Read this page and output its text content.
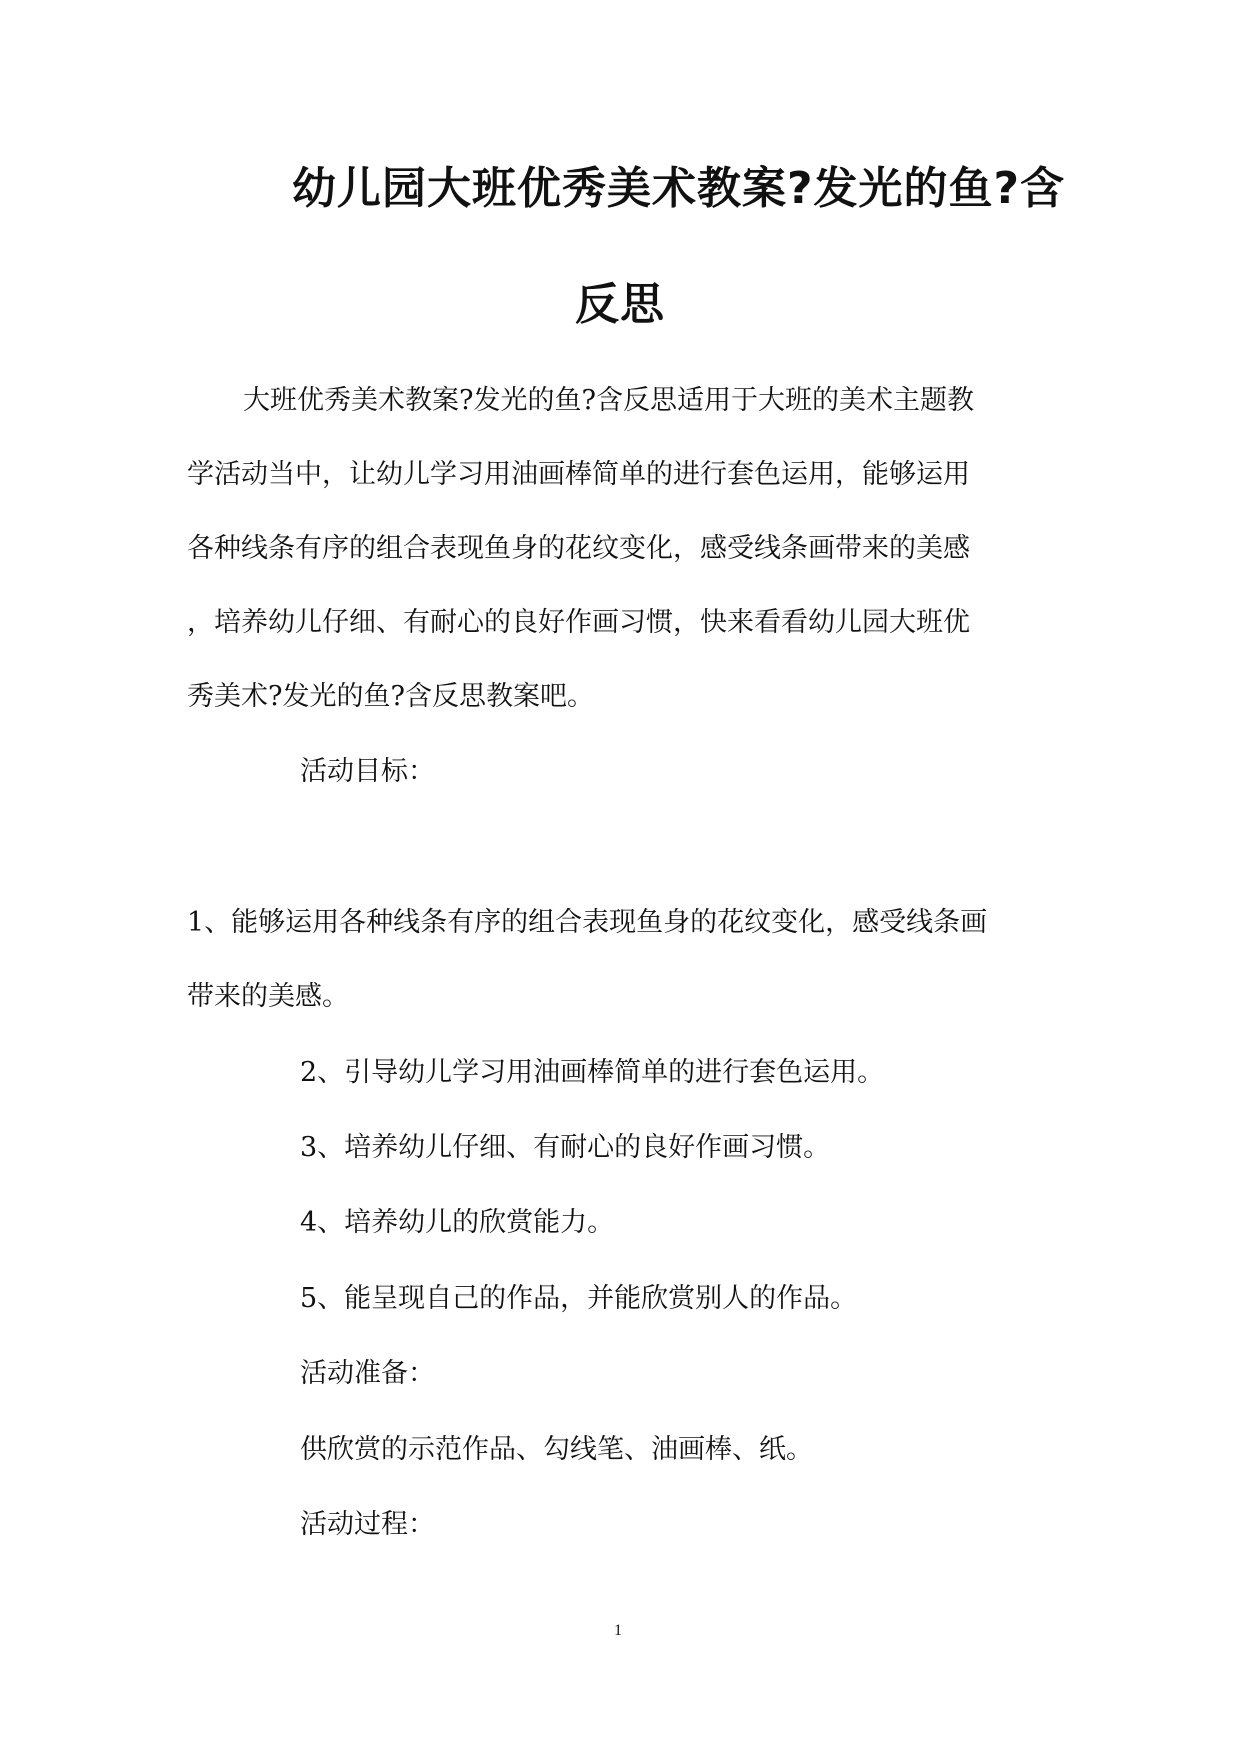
幼儿园大班优秀美术教案?发光的鱼?含
反思
大班优秀美术教案?发光的鱼?含反思适用于大班的美术主题教
学活动当中，让幼儿学习用油画棒简单的进行套色运用，能够运用
各种线条有序的组合表现鱼身的花纹变化，感受线条画带来的美感
，培养幼儿仔细、有耐心的良好作画习惯，快来看看幼儿园大班优
秀美术?发光的鱼?含反思教案吧。
活动目标：
1、能够运用各种线条有序的组合表现鱼身的花纹变化，感受线条画
带来的美感。
2、引导幼儿学习用油画棒简单的进行套色运用。
3、培养幼儿仔细、有耐心的良好作画习惯。
4、培养幼儿的欣赏能力。
5、能呈现自己的作品，并能欣赏别人的作品。
活动准备：
供欣赏的示范作品、勾线笔、油画棒、纸。
活动过程：
1
